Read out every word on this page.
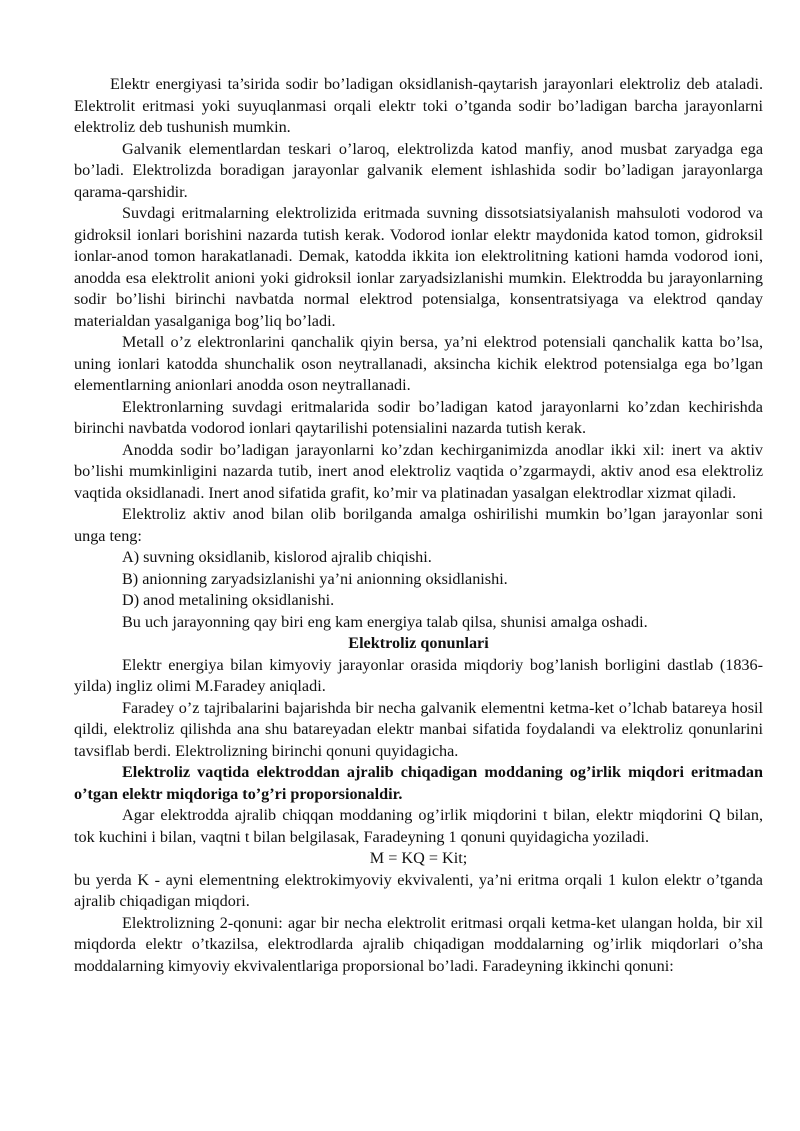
Elektr energiyasi ta’sirida sodir bo’ladigan oksidlanish-qaytarish jarayonlari elektroliz deb ataladi. Elektrolit eritmasi yoki suyuqlanmasi orqali elektr toki o’tganda sodir bo’ladigan barcha jarayonlarni elektroliz deb tushunish mumkin.

Galvanik elementlardan teskari o’laroq, elektrolizda katod manfiy, anod musbat zaryadga ega bo’ladi. Elektrolizda boradigan jarayonlar galvanik element ishlashida sodir bo’ladigan jarayonlarga qarama-qarshidir.

Suvdagi eritmalarning elektrolizida eritmada suvning dissotsiatsiyalanish mahsuloti vodorod va gidroksil ionlari borishini nazarda tutish kerak. Vodorod ionlar elektr maydonida katod tomon, gidroksil ionlar-anod tomon harakatlanadi. Demak, katodda ikkita ion elektrolitning kationi hamda vodorod ioni, anodda esa elektrolit anioni yoki gidroksil ionlar zaryadsizlanishi mumkin. Elektrodda bu jarayonlarning sodir bo’lishi birinchi navbatda normal elektrod potensialga, konsentratsiyaga va elektrod qanday materialdan yasalganiga bog’liq bo’ladi.

Metall o’z elektronlarini qanchalik qiyin bersa, ya’ni elektrod potensiali qanchalik katta bo’lsa, uning ionlari katodda shunchalik oson neytrallanadi, aksincha kichik elektrod potensialga ega bo’lgan elementlarning anionlari anodda oson neytrallanadi.

Elektronlarning suvdagi eritmalarida sodir bo’ladigan katod jarayonlarni ko’zdan kechirishda birinchi navbatda vodorod ionlari qaytarilishi potensialini nazarda tutish kerak.

Anodda sodir bo’ladigan jarayonlarni ko’zdan kechirganimizda anodlar ikki xil: inert va aktiv bo’lishi mumkinligini nazarda tutib, inert anod elektroliz vaqtida o’zgarmaydi, aktiv anod esa elektroliz vaqtida oksidlanadi. Inert anod sifatida grafit, ko’mir va platinadan yasalgan elektrodlar xizmat qiladi.

Elektroliz aktiv anod bilan olib borilganda amalga oshirilishi mumkin bo’lgan jarayonlar soni unga teng:

A) suvning oksidlanib, kislorod ajralib chiqishi.

B) anionning zaryadsizlanishi ya’ni anionning oksidlanishi.

D) anod metalining oksidlanishi.

Bu uch jarayonning qay biri eng kam energiya talab qilsa, shunisi amalga oshadi.

Elektroliz qonunlari

Elektr energiya bilan kimyoviy jarayonlar orasida miqdoriy bog’lanish borligini dastlab (1836-yilda) ingliz olimi M.Faradey aniqladi.

Faradey o’z tajribalarini bajarishda bir necha galvanik elementni ketma-ket o’lchab batareya hosil qildi, elektroliz qilishda ana shu batareyadan elektr manbai sifatida foydalandi va elektroliz qonunlarini tavsiflab berdi. Elektrolizning birinchi qonuni quyidagicha.

Elektroliz vaqtida elektroddan ajralib chiqadigan moddaning og’irlik miqdori eritmadan o’tgan elektr miqdoriga to’g’ri proporsionaldir.

Agar elektrodda ajralib chiqqan moddaning og’irlik miqdorini t bilan, elektr miqdorini Q bilan, tok kuchini i bilan, vaqtni t bilan belgilasak, Faradeyning 1 qonuni quyidagicha yoziladi.

M = KQ = Kit;

bu yerda K - ayni elementning elektrokimyoviy ekvivalenti, ya’ni eritma orqali 1 kulon elektr o’tganda ajralib chiqadigan miqdori.

Elektrolizning 2-qonuni: agar bir necha elektrolit eritmasi orqali ketma-ket ulangan holda, bir xil miqdorda elektr o’tkazilsa, elektrodlarda ajralib chiqadigan moddalarning og’irlik miqdorlari o’sha moddalarning kimyoviy ekvivalentlariga proporsional bo’ladi. Faradeyning ikkinchi qonuni:
